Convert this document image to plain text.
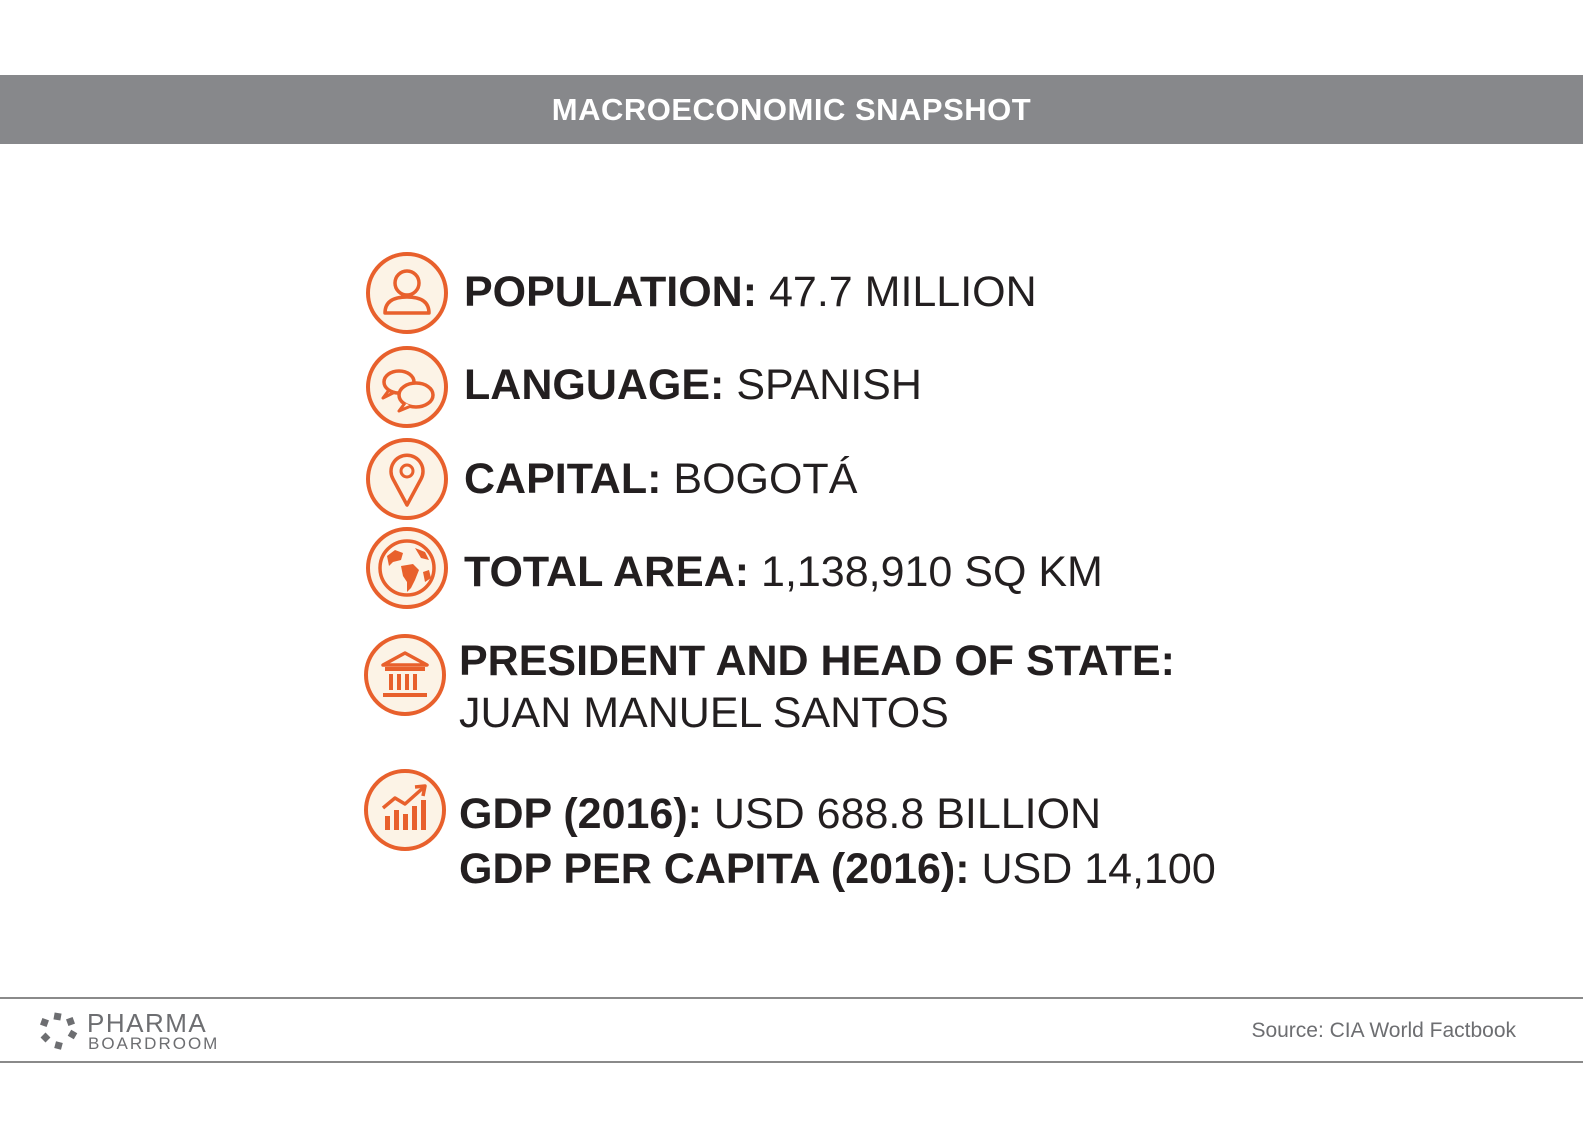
MACROECONOMIC SNAPSHOT
POPULATION: 47.7 MILLION
LANGUAGE: SPANISH
CAPITAL: BOGOTÁ
TOTAL AREA: 1,138,910 SQ KM
PRESIDENT AND HEAD OF STATE:
JUAN MANUEL SANTOS
GDP (2016): USD 688.8 BILLION
GDP PER CAPITA (2016): USD 14,100
PHARMA
BOARDROOM
Source: CIA World Factbook
